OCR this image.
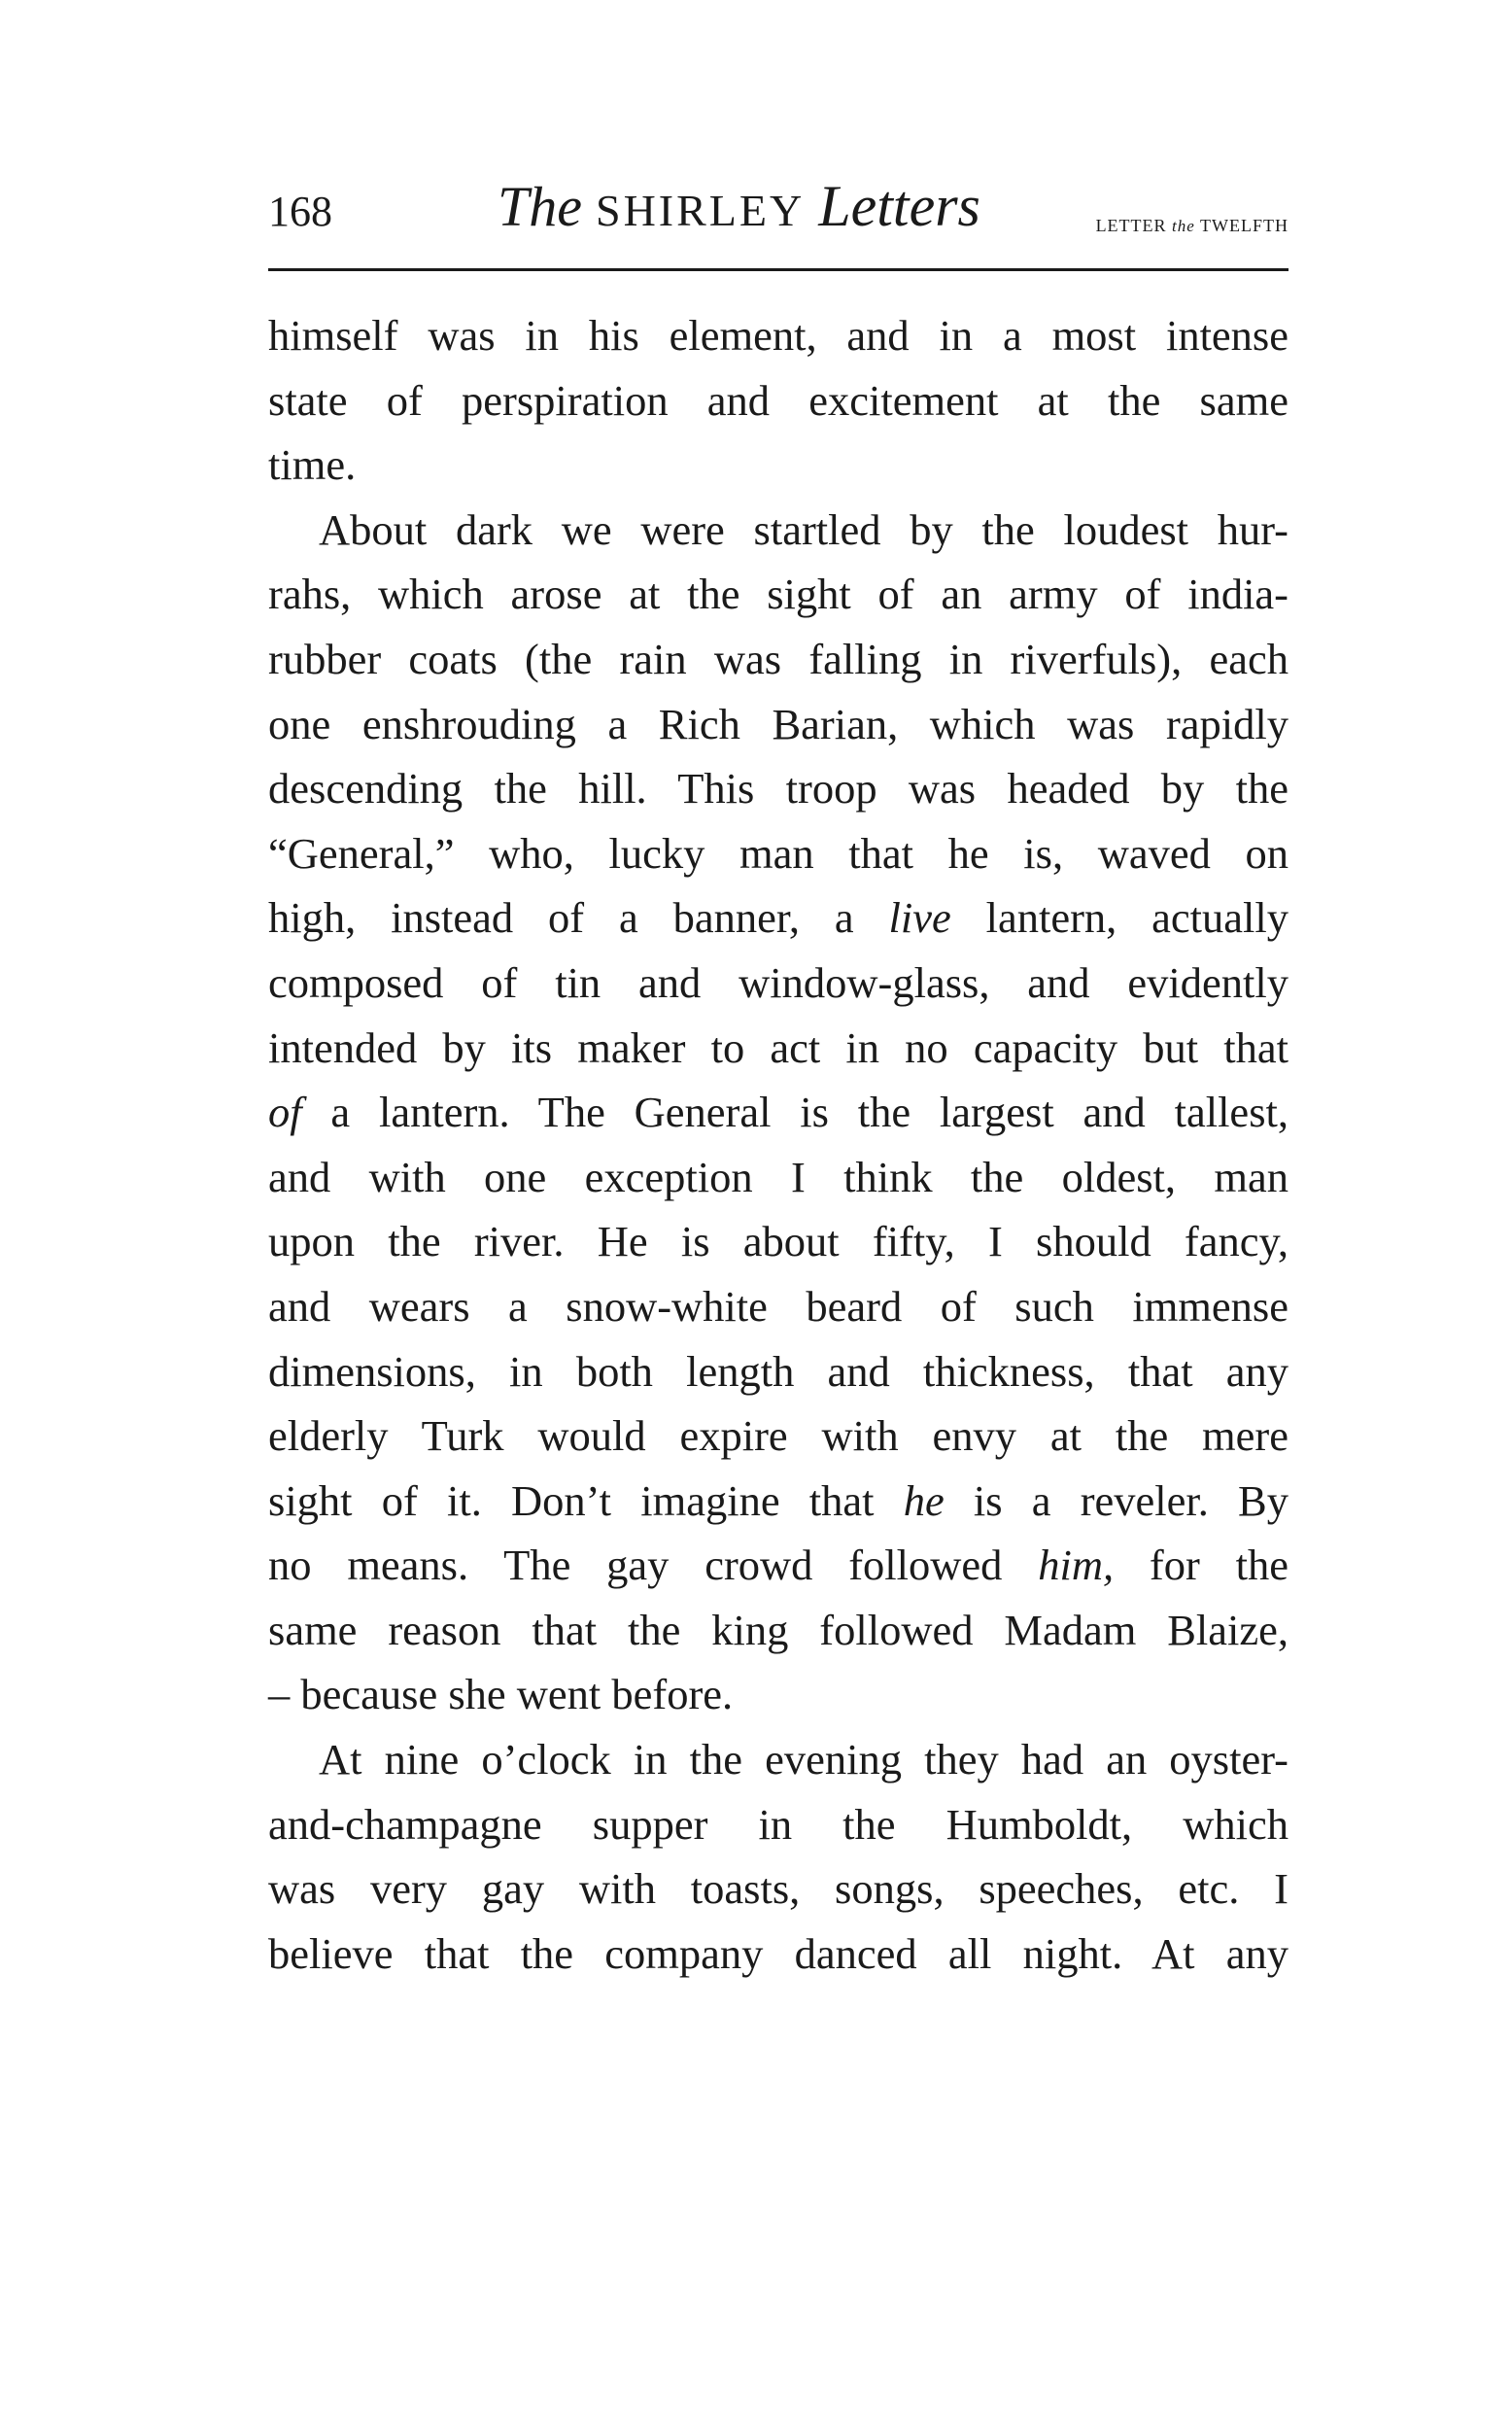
168	The SHIRLEY Letters	LETTER the TWELFTH
himself was in his element, and in a most intense
state of perspiration and excitement at the same
time.
About dark we were startled by the loudest hur-
rahs, which arose at the sight of an army of india-
rubber coats (the rain was falling in riverfuls), each
one enshrouding a Rich Barian, which was rapidly
descending the hill. This troop was headed by the
“General,” who, lucky man that he is, waved on
high, instead of a banner, a live lantern, actually
composed of tin and window-glass, and evidently
intended by its maker to act in no capacity but that
of a lantern. The General is the largest and tallest,
and with one exception I think the oldest, man
upon the river. He is about fifty, I should fancy,
and wears a snow-white beard of such immense
dimensions, in both length and thickness, that any
elderly Turk would expire with envy at the mere
sight of it. Don’t imagine that he is a reveler. By
no means. The gay crowd followed him, for the
same reason that the king followed Madam Blaize,
– because she went before.
At nine o’clock in the evening they had an oyster-
and-champagne supper in the Humboldt, which
was very gay with toasts, songs, speeches, etc. I
believe that the company danced all night. At any
